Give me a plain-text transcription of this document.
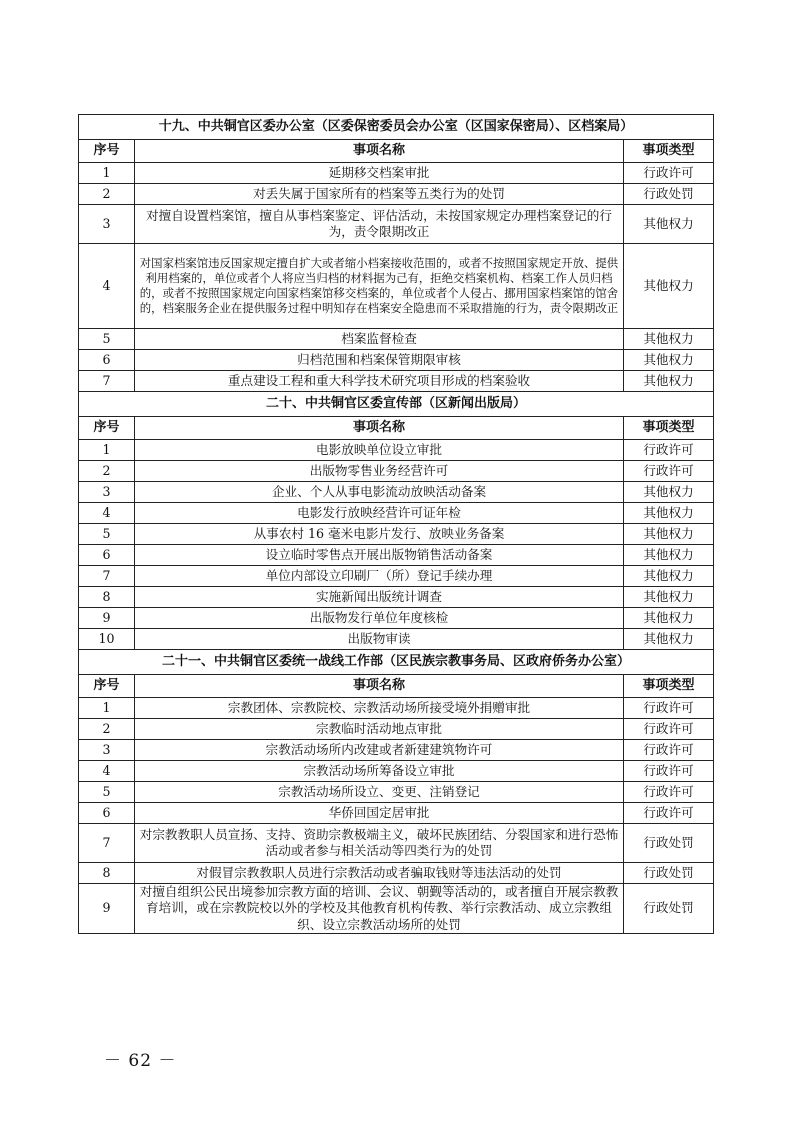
十九、中共铜官区委办公室（区委保密委员会办公室（区国家保密局）、区档案局）		
序号	事项名称	事项类型
1	延期移交档案审批	行政许可
2	对丢失属于国家所有的档案等五类行为的处罚	行政处罚
3	对擅自设置档案馆，擅自从事档案鉴定、评估活动，未按国家规定办理档案登记的行为，责令限期改正	其他权力
4	对国家档案馆违反国家规定擅自扩大或者缩小档案接收范围的，或者不按照国家规定开放、提供利用档案的，单位或者个人将应当归档的材料据为己有，拒绝交档案机构、档案工作人员归档的，或者不按照国家规定向国家档案馆移交档案的，单位或者个人侵占、挪用国家档案馆的馆舍的，档案服务企业在提供服务过程中明知存在档案安全隐患而不采取措施的行为，责令限期改正	其他权力
5	档案监督检查	其他权力
6	归档范围和档案保管期限审核	其他权力
7	重点建设工程和重大科学技术研究项目形成的档案验收	其他权力
二十、中共铜官区委宣传部（区新闻出版局）		
序号	事项名称	事项类型
1	电影放映单位设立审批	行政许可
2	出版物零售业务经营许可	行政许可
3	企业、个人从事电影流动放映活动备案	其他权力
4	电影发行放映经营许可证年检	其他权力
5	从事农村 16 毫米电影片发行、放映业务备案	其他权力
6	设立临时零售点开展出版物销售活动备案	其他权力
7	单位内部设立印刷厂（所）登记手续办理	其他权力
8	实施新闻出版统计调查	其他权力
9	出版物发行单位年度核检	其他权力
10	出版物审读	其他权力
二十一、中共铜官区委统一战线工作部（区民族宗教事务局、区政府侨务办公室）		
序号	事项名称	事项类型
1	宗教团体、宗教院校、宗教活动场所接受境外捐赠审批	行政许可
2	宗教临时活动地点审批	行政许可
3	宗教活动场所内改建或者新建建筑物许可	行政许可
4	宗教活动场所筹备设立审批	行政许可
5	宗教活动场所设立、变更、注销登记	行政许可
6	华侨回国定居审批	行政许可
7	对宗教教职人员宣扬、支持、资助宗教极端主义，破坏民族团结、分裂国家和进行恐怖活动或者参与相关活动等四类行为的处罚	行政处罚
8	对假冒宗教教职人员进行宗教活动或者骗取钱财等违法活动的处罚	行政处罚
9	对擅自组织公民出境参加宗教方面的培训、会议、朝觐等活动的，或者擅自开展宗教教育培训，或在宗教院校以外的学校及其他教育机构传教、举行宗教活动、成立宗教组织、设立宗教活动场所的处罚	行政处罚
－ 62 －
